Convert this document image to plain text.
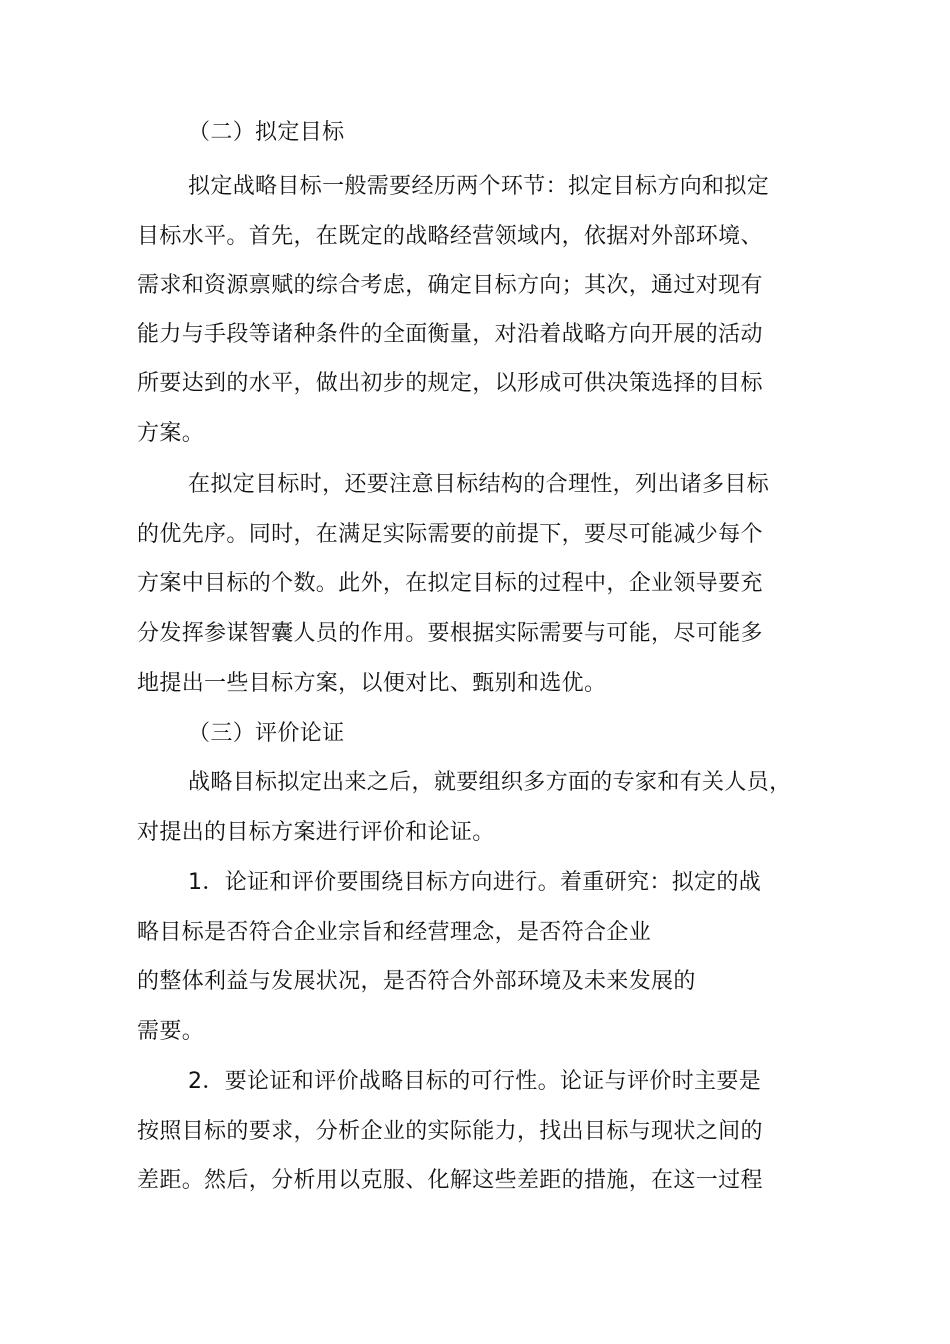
（二）拟定目标
拟定战略目标一般需要经历两个环节：拟定目标方向和拟定
目标水平。首先，在既定的战略经营领域内，依据对外部环境、
需求和资源禀赋的综合考虑，确定目标方向；其次，通过对现有
能力与手段等诸种条件的全面衡量，对沿着战略方向开展的活动
所要达到的水平，做出初步的规定，以形成可供决策选择的目标
方案。
在拟定目标时，还要注意目标结构的合理性，列出诸多目标
的优先序。同时，在满足实际需要的前提下，要尽可能减少每个
方案中目标的个数。此外，在拟定目标的过程中，企业领导要充
分发挥参谋智囊人员的作用。要根据实际需要与可能，尽可能多
地提出一些目标方案，以便对比、甄别和选优。
（三）评价论证
战略目标拟定出来之后，就要组织多方面的专家和有关人员，
对提出的目标方案进行评价和论证。
1．论证和评价要围绕目标方向进行。着重研究：拟定的战
略目标是否符合企业宗旨和经营理念，是否符合企业
的整体利益与发展状况，是否符合外部环境及未来发展的
需要。
2．要论证和评价战略目标的可行性。论证与评价时主要是
按照目标的要求，分析企业的实际能力，找出目标与现状之间的
差距。然后，分析用以克服、化解这些差距的措施，在这一过程
